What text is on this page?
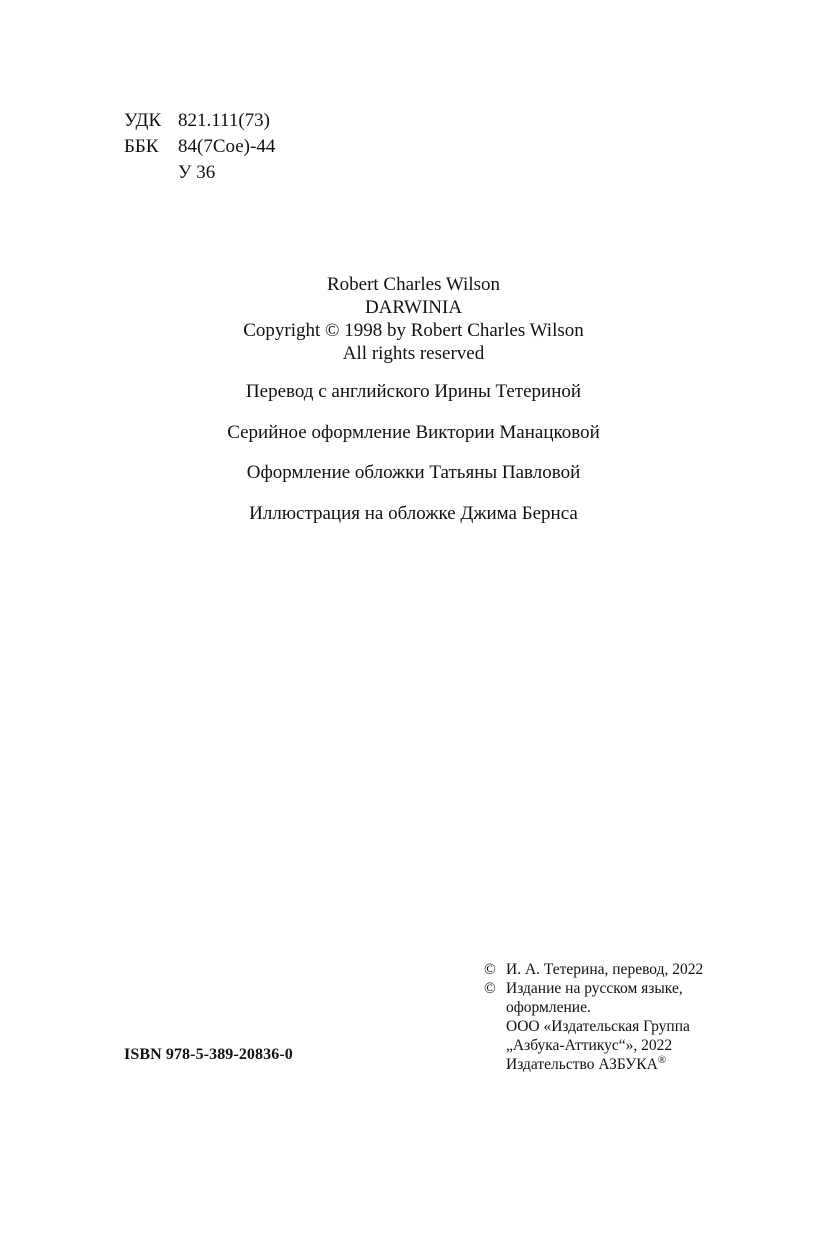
УДК 821.111(73)
ББК	84(7Сое)-44
У 36
Robert Charles Wilson
DARWINIA
Copyright © 1998 by Robert Charles Wilson
All rights reserved
Перевод с английского Ирины Тетериной
Серийное оформление Виктории Манацковой
Оформление обложки Татьяны Павловой
Иллюстрация на обложке Джима Бернса
ISBN 978-5-389-20836-0
© И. А. Тетерина, перевод, 2022
© Издание на русском языке,
оформление.
ООО «Издательская Группа
„Азбука-Аттикус“», 2022
Издательство АЗБУКА®
